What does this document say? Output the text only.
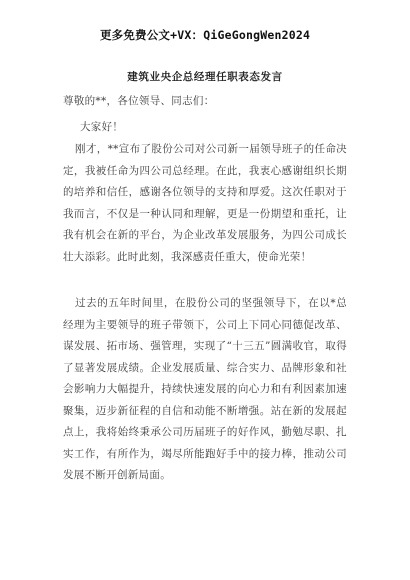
更多免费公文+VX：QiGeGongWen2024
建筑业央企总经理任职表态发言

尊敬的**，各位领导、同志们：

大家好！

刚才，**宣布了股份公司对公司新一届领导班子的任命决定，我被任命为四公司总经理。在此，我衷心感谢组织长期的培养和信任，感谢各位领导的支持和厚爱。这次任职对于我而言，不仅是一种认同和理解，更是一份期望和重托，让我有机会在新的平台，为企业改革发展服务，为四公司成长壮大添彩。此时此刻，我深感责任重大，使命光荣！

过去的五年时间里，在股份公司的坚强领导下，在以*总经理为主要领导的班子带领下，公司上下同心同德促改革、谋发展、拓市场、强管理，实现了“十三五”圆满收官，取得了显著发展成绩。企业发展质量、综合实力、品牌形象和社会影响力大幅提升，持续快速发展的向心力和有利因素加速聚集，迈步新征程的自信和动能不断增强。站在新的发展起点上，我将始终秉承公司历届班子的好作风，勤勉尽职、扎实工作，有所作为，竭尽所能跑好手中的接力棒，推动公司发展不断开创新局面。
